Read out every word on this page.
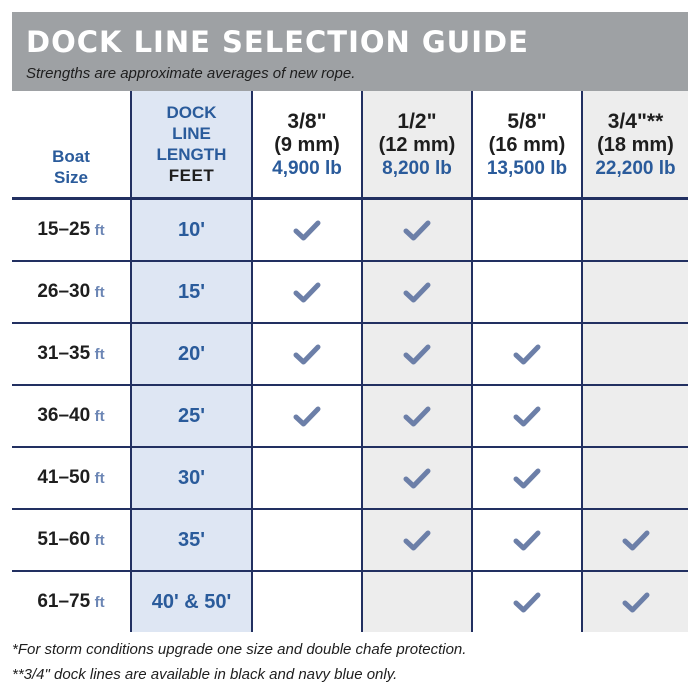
DOCK LINE SELECTION GUIDE

Strengths are approximate averages of new rope.

Boat
Size	DOCK
LINE
LENGTH
FEET	3/8"
(9 mm)
4,900 lb	1/2"
(12 mm)
8,200 lb	5/8"
(16 mm)
13,500 lb	3/4"**
(18 mm)
22,200 lb

15–25 ft	10'				
26–30 ft	15'				
31–35 ft	20'				
36–40 ft	25'				
41–50 ft	30'				
51–60 ft	35'				
61–75 ft	40' & 50'				

*For storm conditions upgrade one size and double chafe protection.

**3/4" dock lines are available in black and navy blue only.
